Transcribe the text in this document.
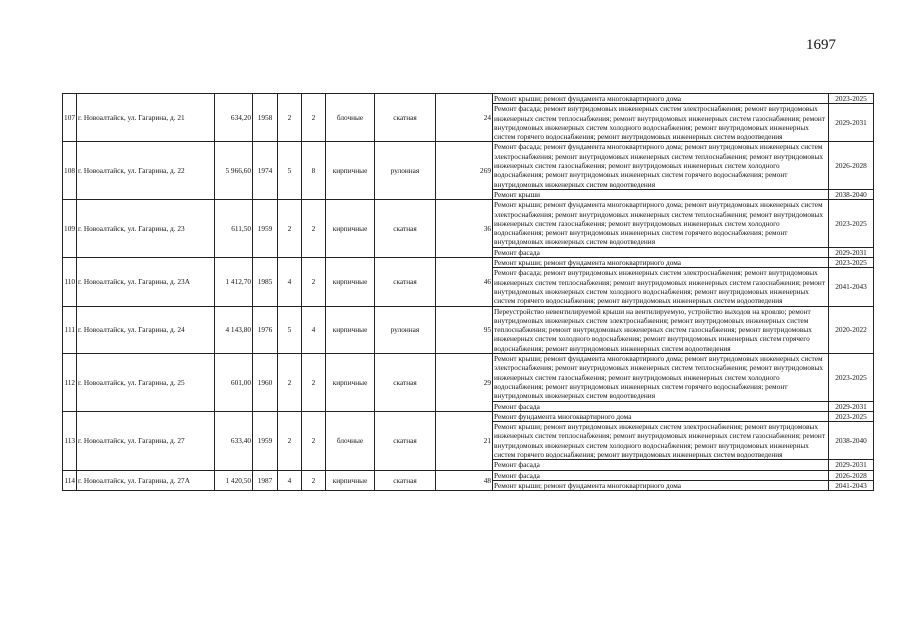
1697
107	г. Новоалтайск, ул. Гагарина, д. 21	634,20	1958	2	2	блочные	скатная	24	Ремонт крыши; ремонт фундамента многоквартирного дома	2023-2025
									Ремонт фасада; ремонт внутридомовых инженерных систем электроснабжения; ремонт внутридомовых инженерных систем теплоснабжения; ремонт внутридомовых инженерных систем газоснабжения; ремонт внутридомовых инженерных систем холодного водоснабжения; ремонт внутридомовых инженерных систем горячего водоснабжения; ремонт внутридомовых инженерных систем водоотведения	2029-2031
108	г. Новоалтайск, ул. Гагарина, д. 22	5 966,60	1974	5	8	кирпичные	рулонная	269	Ремонт фасада; ремонт фундамента многоквартирного дома; ремонт внутридомовых инженерных систем электроснабжения; ремонт внутридомовых инженерных систем теплоснабжения; ремонт внутридомовых инженерных систем газоснабжения; ремонт внутридомовых инженерных систем холодного водоснабжения; ремонт внутридомовых инженерных систем горячего водоснабжения; ремонт внутридомовых инженерных систем водоотведения	2026-2028
									Ремонт крыши	2038-2040
109	г. Новоалтайск, ул. Гагарина, д. 23	611,50	1959	2	2	кирпичные	скатная	36	Ремонт крыши; ремонт фундамента многоквартирного дома; ремонт внутридомовых инженерных систем электроснабжения; ремонт внутридомовых инженерных систем теплоснабжения; ремонт внутридомовых инженерных систем газоснабжения; ремонт внутридомовых инженерных систем холодного водоснабжения; ремонт внутридомовых инженерных систем горячего водоснабжения; ремонт внутридомовых инженерных систем водоотведения	2023-2025
									Ремонт фасада	2029-2031
110	г. Новоалтайск, ул. Гагарина, д. 23А	1 412,70	1985	4	2	кирпичные	скатная	46	Ремонт крыши; ремонт фундамента многоквартирного дома	2023-2025
									Ремонт фасада; ремонт внутридомовых инженерных систем электроснабжения; ремонт внутридомовых инженерных систем теплоснабжения; ремонт внутридомовых инженерных систем газоснабжения; ремонт внутридомовых инженерных систем холодного водоснабжения; ремонт внутридомовых инженерных систем горячего водоснабжения; ремонт внутридомовых инженерных систем водоотведения	2041-2043
111	г. Новоалтайск, ул. Гагарина, д. 24	4 143,80	1976	5	4	кирпичные	рулонная	95	Переустройство невентилируемой крыши на вентилируемую, устройство выходов на кровлю; ремонт внутридомовых инженерных систем электроснабжения; ремонт внутридомовых инженерных систем теплоснабжения; ремонт внутридомовых инженерных систем газоснабжения; ремонт внутридомовых инженерных систем холодного водоснабжения; ремонт внутридомовых инженерных систем горячего водоснабжения; ремонт внутридомовых инженерных систем водоотведения	2020-2022
112	г. Новоалтайск, ул. Гагарина, д. 25	601,00	1960	2	2	кирпичные	скатная	29	Ремонт крыши; ремонт фундамента многоквартирного дома; ремонт внутридомовых инженерных систем электроснабжения; ремонт внутридомовых инженерных систем теплоснабжения; ремонт внутридомовых инженерных систем газоснабжения; ремонт внутридомовых инженерных систем холодного водоснабжения; ремонт внутридомовых инженерных систем горячего водоснабжения; ремонт внутридомовых инженерных систем водоотведения	2023-2025
									Ремонт фасада	2029-2031
113	г. Новоалтайск, ул. Гагарина, д. 27	633,40	1959	2	2	блочные	скатная	21	Ремонт фундамента многоквартирного дома	2023-2025
									Ремонт крыши; ремонт внутридомовых инженерных систем электроснабжения; ремонт внутридомовых инженерных систем теплоснабжения; ремонт внутридомовых инженерных систем газоснабжения; ремонт внутридомовых инженерных систем холодного водоснабжения; ремонт внутридомовых инженерных систем горячего водоснабжения; ремонт внутридомовых инженерных систем водоотведения	2038-2040
									Ремонт фасада	2029-2031
114	г. Новоалтайск, ул. Гагарина, д. 27А	1 420,50	1987	4	2	кирпичные	скатная	48	Ремонт фасада	2026-2028
									Ремонт крыши; ремонт фундамента многоквартирного дома	2041-2043
